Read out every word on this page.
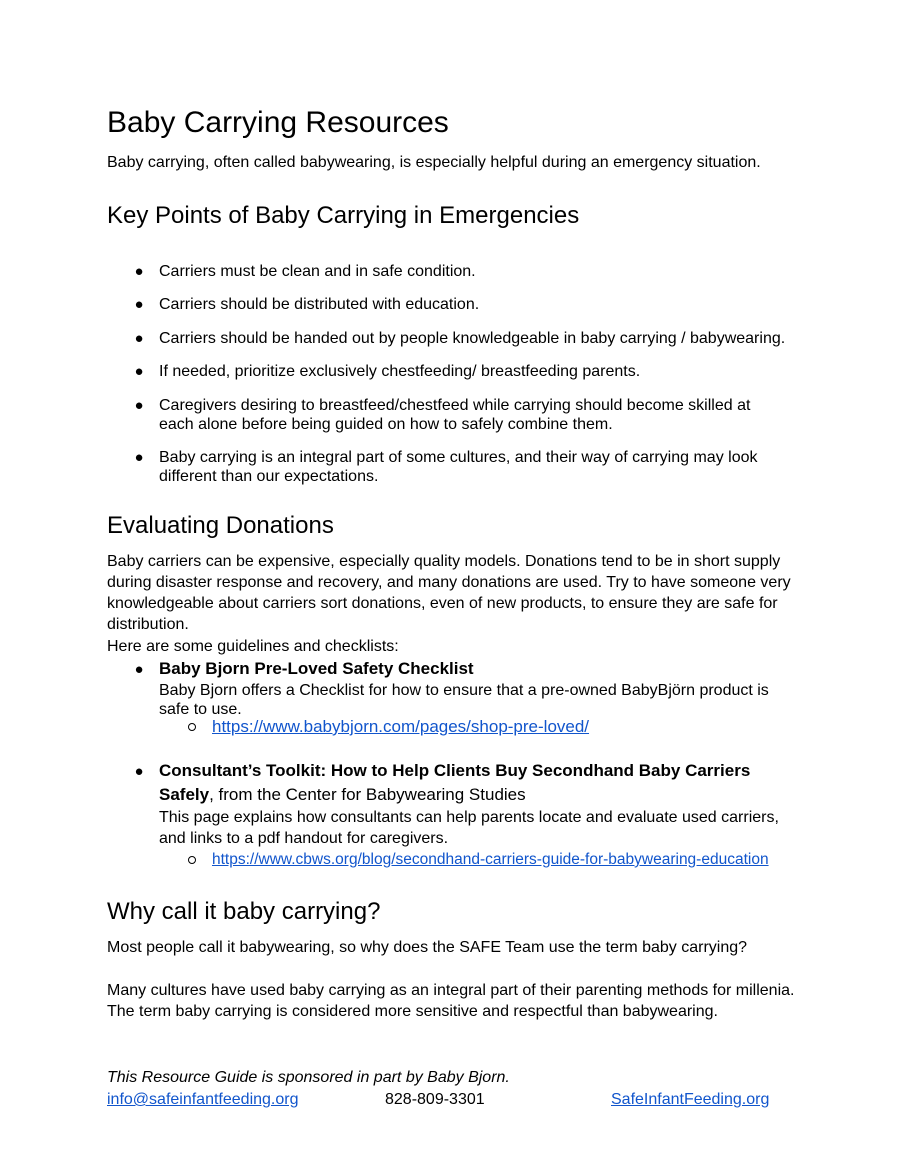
Baby Carrying Resources

Baby carrying, often called babywearing, is especially helpful during an emergency situation.

Key Points of Baby Carrying in Emergencies
● Carriers must be clean and in safe condition.
● Carriers should be distributed with education.
● Carriers should be handed out by people knowledgeable in baby carrying / babywearing.
● If needed, prioritize exclusively chestfeeding/ breastfeeding parents.
● Caregivers desiring to breastfeed/chestfeed while carrying should become skilled at each alone before being guided on how to safely combine them.
● Baby carrying is an integral part of some cultures, and their way of carrying may look different than our expectations.
Evaluating Donations

Baby carriers can be expensive, especially quality models. Donations tend to be in short supply during disaster response and recovery, and many donations are used. Try to have someone very knowledgeable about carriers sort donations, even of new products, to ensure they are safe for distribution.

Here are some guidelines and checklists:

● Baby Bjorn Pre-Loved Safety Checklist
Baby Bjorn offers a Checklist for how to ensure that a pre-owned BabyBjörn product is safe to use.
https://www.babybjorn.com/pages/shop-pre-loved/
● Consultant’s Toolkit: How to Help Clients Buy Secondhand Baby Carriers Safely, from the Center for Babywearing Studies
This page explains how consultants can help parents locate and evaluate used carriers, and links to a pdf handout for caregivers.
https://www.cbws.org/blog/secondhand-carriers-guide-for-babywearing-education
Why call it baby carrying?

Most people call it babywearing, so why does the SAFE Team use the term baby carrying?

Many cultures have used baby carrying as an integral part of their parenting methods for millenia. The term baby carrying is considered more sensitive and respectful than babywearing.

This Resource Guide is sponsored in part by Baby Bjorn.
info@safeinfantfeeding.org	828-809-3301	SafeInfantFeeding.org
